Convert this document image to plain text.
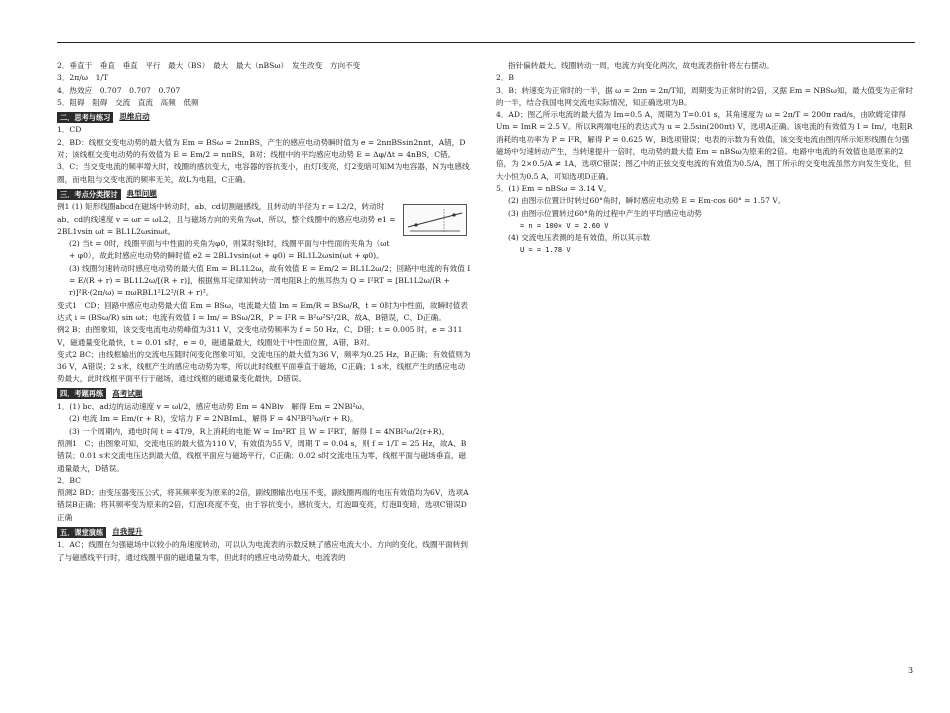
2．垂直于　垂直　垂直　平行　最大（BS）　最大　最大（nBSω）　发生改变　方向不变

3．2π/ω　1/T

4．热效应　0.707　0.707　0.707

5．阻碍　阻碍　交流　直流　高频　低频

二．思考与练习	思维启动

1．CD

2．BD：线框交变电动势的最大值为 Em = BSω = 2nπBS，产生的感应电动势瞬时值为 e = 2nπBSsin2nπt，A错，D对；该线框交变电动势的有效值为 E = Em/2 = nπBS，B对；线框中的平均感应电动势 E = Δφ/Δt = 4nBS，C错。

3．C；当交变电流的频率增大时，线圈的感抗变大，电容器的容抗变小，由灯Ⅰ变亮，灯2变暗可知M为电容器，N为电感线圈，而电阻与交变电流的频率无关，故L为电阻，C正确。

三．考点分类探讨	典型问题

例1 (1) 矩形线圈abcd在磁场中转动时，ab、cd切割磁感线，且转动的半径为 r = L2/2，转动时ab、cd的线速度 v = ωr = ωL2，且与磁场方向的夹角为ωt，所以，整个线圈中的感应电动势 e1 = 2BL1vsin ωt = BL1L2ωsinωt。

(2) 当t = 0时，线圈平面与中性面的夹角为φ0，则某时刻t时，线圈平面与中性面的夹角为（ωt + φ0），故此时感应电动势的瞬时值 e2 = 2BL1vsin(ωt + φ0) = BL1L2ωsin(ωt + φ0)。

(3) 线圈匀速转动时感应电动势的最大值 Em = BL1L2ω，故有效值 E = Em/2 = BL1L2ω/2；回路中电流的有效值 I = E/(R + r) = BL1L2ω/[(R + r)]，根据焦耳定律知转动一周电阻R上的焦耳热为 Q = I²RT = [BL1L2ω/(R + r)]²R·(2π/ω) = πωRBL1²L2²/(R + r)²。

变式1　CD；回路中感应电动势最大值 Em = BSω，电流最大值 Im = Em/R = BSω/R，t = 0时为中性面，故瞬时值表达式 i = (BSω/R) sin ωt；电流有效值 I = Im/ = BSω/2R，P = I²R = B²ω²S²/2R，故A、B错误，C、D正确。

例2 B；由图象知，该交变电流电动势峰值为311 V，交变电动势频率为 f = 50 Hz，C、D错；t = 0.005 时，e = 311 V，磁通量变化最快，t = 0.01 s时，e = 0，磁通量最大，线圈处于中性面位置，A错，B对。

变式2 BC；由线框输出的交流电压随时间变化图象可知，交流电压的最大值为36 V，频率为0.25 Hz，B正确；有效值则为36 V，A错误；2 s末，线框产生的感应电动势为零，所以此时线框平面垂直于磁场，C正确；1 s末，线框产生的感应电动势最大，此时线框平面平行于磁场，通过线框的磁通量变化最快，D错误。

四．考题再练	高考试题

1．(1) bc、ad边的运动速度 v = ωl/2，感应电动势 Em = 4NBlv　解得 Em = 2NBl²ω。

(2) 电流 Im = Em/(r + R)，安培力 F = 2NBImL，解得 F = 4N²B²l³ω/(r + R)。

(3) 一个周期内，通电时间 t = 4T/9，R上消耗的电能 W = Im²RT 且 W = I²RT，解得 I = 4NBl²ω/2(r+R)。

预测1　C；由图象可知，交流电压的最大值为110 V，有效值为55 V，周期 T = 0.04 s，则 f = 1/T = 25 Hz，故A、B错误；0.01 s末交流电压达到最大值，线框平面应与磁场平行，C正确；0.02 s时交流电压为零，线框平面与磁场垂直，磁通量最大，D错误。

2．BC

预测2 BD；由变压器变压公式，将其频率变为原来的2倍，副线圈输出电压不变，副线圈两端的电压有效值均为6V，选项A错误B正确；将其频率变为原来的2倍，灯泡Ⅰ亮度不变，由于容抗变小，感抗变大，灯泡Ⅲ变亮，灯泡Ⅱ变暗，选项C错误D正确

五．课堂演练	自我提升

1．AC；线圈在匀强磁场中以较小的角速度转动，可以认为电流表的示数反映了感应电流大小、方向的变化，线圈平面转到了与磁感线平行时，通过线圈平面的磁通量为零，但此时的感应电动势最大，电流表的

指针偏转最大。线圈转动一周，电流方向变化两次，故电流表指针将左右摆动。

2．B

3．B；转速变为正常时的一半，据 ω = 2πn = 2π/T知，周期变为正常时的2倍，又据 Em = NBSω知，最大值变为正常时的一半，结合我国电网交流电实际情况，知正确选项为B。

4．AD；图乙所示电流的最大值为 Im=0.5 A，周期为 T=0.01 s，其角速度为 ω = 2π/T = 200π rad/s，由欧姆定律得 Um = ImR = 2.5 V。所以R两端电压的表达式为 u = 2.5sin(200πt) V，选项A正确。该电流的有效值为 I = Im/，电阻R消耗的电功率为 P = I²R，解得 P = 0.625 W，B选项错误；电表的示数为有效值，该交变电流由图丙所示矩形线圈在匀强磁场中匀速转动产生，当转速提升一倍时，电动势的最大值 Em = nBSω为原来的2倍。电路中电流的有效值也是原来的2倍，为 2×0.5/A ≠ 1A，选项C错误；图乙中的正弦交变电流的有效值为0.5/A，图丁所示的交变电流虽然方向发生变化，但大小恒为0.5 A，可知选项D正确。

5．(1) Em = nBSω = 3.14 V。

(2) 由图示位置计时转过60°角时，瞬时感应电动势 E = Em·cos 60° = 1.57 V。

(3) 由图示位置转过60°角的过程中产生的平均感应电动势

= n = 100× V = 2.60 V

(4) 交流电压表测的是有效值，所以其示数

U = = 1.78 V

3
